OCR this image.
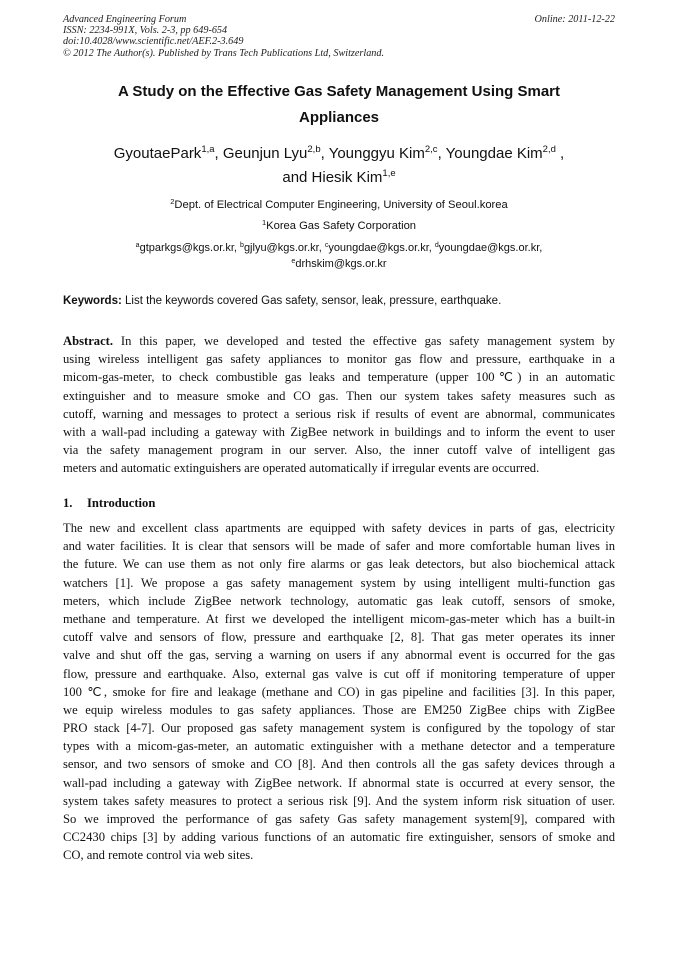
Advanced Engineering Forum	Online: 2011-12-22
ISSN: 2234-991X, Vols. 2-3, pp 649-654
doi:10.4028/www.scientific.net/AEF.2-3.649
© 2012 The Author(s). Published by Trans Tech Publications Ltd, Switzerland.
A Study on the Effective Gas Safety Management Using Smart
Appliances
GyoutaePark$^{1,a}$, Geunjun Lyu$^{2,b}$, Younggyu Kim$^{2,c}$, Youngdae Kim$^{2,d}$ ,
and Hiesik Kim$^{1,e}$
$^2$Dept. of Electrical Computer Engineering, University of Seoul.korea
$^1$Korea Gas Safety Corporation
$^a$gtparkgs@kgs.or.kr, $^b$gjlyu@kgs.or.kr, $^c$youngdae@kgs.or.kr, $^d$youngdae@kgs.or.kr,
$^e$drhskim@kgs.or.kr
Keywords: List the keywords covered Gas safety, sensor, leak, pressure, earthquake.
Abstract. In this paper, we developed and tested the effective gas safety management system by
using wireless intelligent gas safety appliances to monitor gas flow and pressure, earthquake in a
micom-gas-meter, to check combustible gas leaks and temperature (upper 100℃) in an automatic
extinguisher and to measure smoke and CO gas. Then our system takes safety measures such as
cutoff, warning and messages to protect a serious risk if results of event are abnormal, communicates
with a wall-pad including a gateway with ZigBee network in buildings and to inform the event to user
via the safety management program in our server. Also, the inner cutoff valve of intelligent gas
meters and automatic extinguishers are operated automatically if irregular events are occurred.
1. Introduction
The new and excellent class apartments are equipped with safety devices in parts of gas, electricity
and water facilities. It is clear that sensors will be made of safer and more comfortable human lives in
the future. We can use them as not only fire alarms or gas leak detectors, but also biochemical attack
watchers [1]. We propose a gas safety management system by using intelligent multi-function gas
meters, which include ZigBee network technology, automatic gas leak cutoff, sensors of smoke,
methane and temperature. At first we developed the intelligent micom-gas-meter which has a built-in
cutoff valve and sensors of flow, pressure and earthquake [2, 8]. That gas meter operates its inner
valve and shut off the gas, serving a warning on users if any abnormal event is occurred for the gas
flow, pressure and earthquake. Also, external gas valve is cut off if monitoring temperature of upper
100 ℃, smoke for fire and leakage (methane and CO) in gas pipeline and facilities [3]. In this paper,
we equip wireless modules to gas safety appliances. Those are EM250 ZigBee chips with ZigBee
PRO stack [4-7]. Our proposed gas safety management system is configured by the topology of star
types with a micom-gas-meter, an automatic extinguisher with a methane detector and a temperature
sensor, and two sensors of smoke and CO [8]. And then controls all the gas safety devices through a
wall-pad including a gateway with ZigBee network. If abnormal state is occurred at every sensor, the
system takes safety measures to protect a serious risk [9]. And the system inform risk situation of user.
So we improved the performance of gas safety Gas safety management system[9], compared with
CC2430 chips [3] by adding various functions of an automatic fire extinguisher, sensors of smoke and
CO, and remote control via web sites.
